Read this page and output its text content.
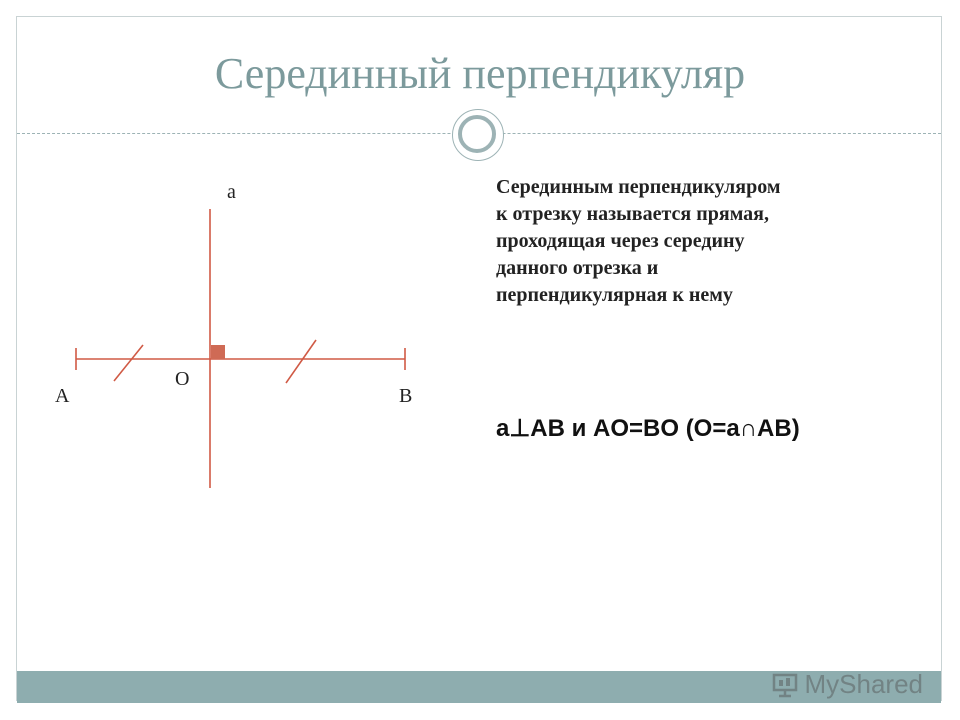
Серединный перпендикуляр
a
A
O
B
Серединным перпендикуляром
к отрезку называется прямая,
проходящая через середину
данного отрезка и
перпендикулярная к нему
a⊥AB и AO=BO (O=a∩AB)
MyShared
